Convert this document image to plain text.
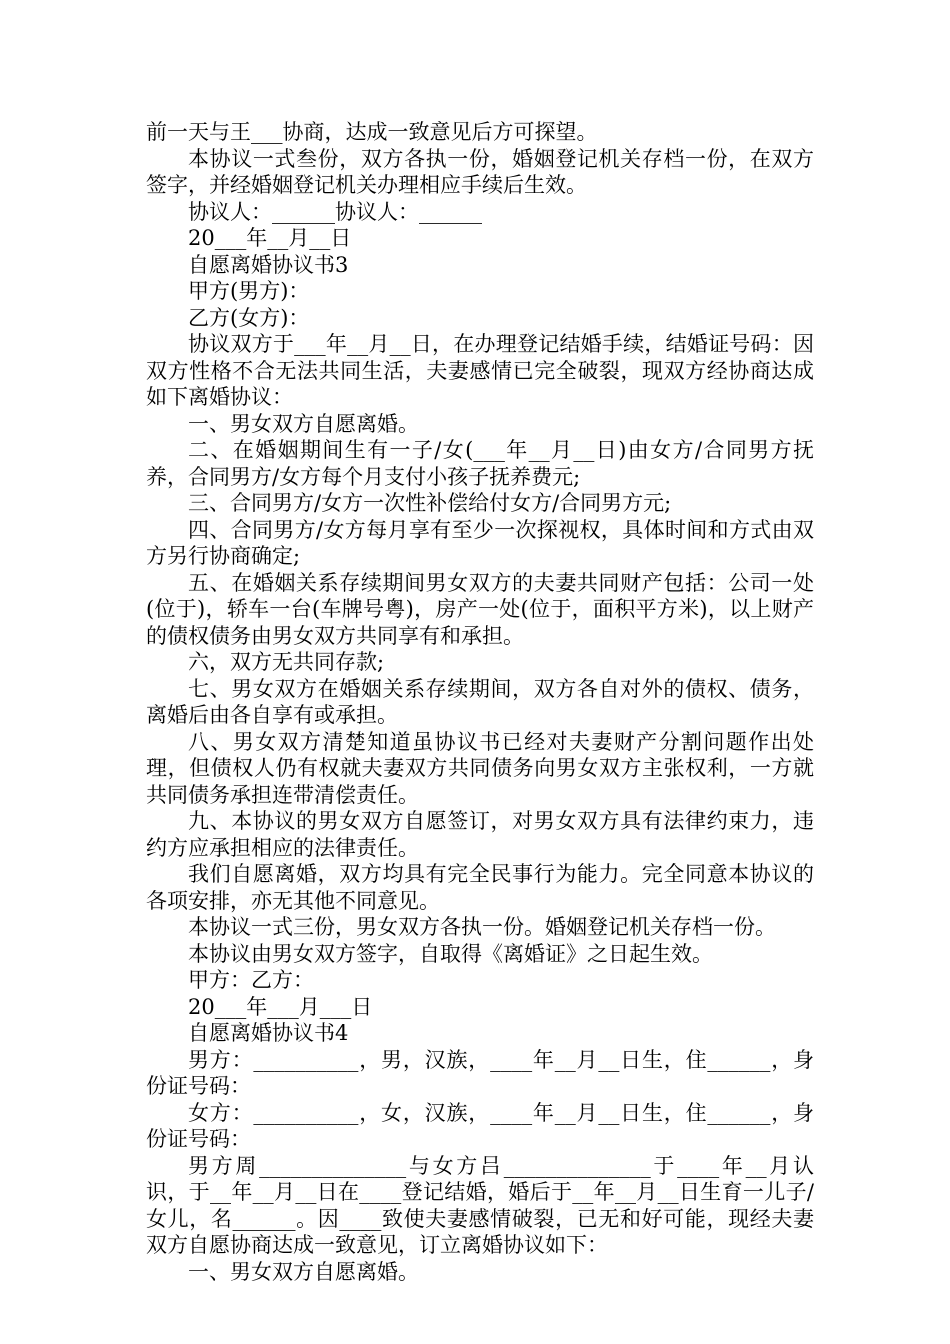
前一天与王___协商，达成一致意见后方可探望。

本协议一式叁份，双方各执一份，婚姻登记机关存档一份，在双方签字，并经婚姻登记机关办理相应手续后生效。

协议人：______协议人：______

20___年__月__日

自愿离婚协议书3

甲方(男方)：

乙方(女方)：

协议双方于___年__月__日，在办理登记结婚手续，结婚证号码：因双方性格不合无法共同生活，夫妻感情已完全破裂，现双方经协商达成如下离婚协议：

一、男女双方自愿离婚。

二、在婚姻期间生有一子/女(___年__月__日)由女方/合同男方抚养，合同男方/女方每个月支付小孩子抚养费元;

三、合同男方/女方一次性补偿给付女方/合同男方元;

四、合同男方/女方每月享有至少一次探视权，具体时间和方式由双方另行协商确定;

五、在婚姻关系存续期间男女双方的夫妻共同财产包括：公司一处(位于)，轿车一台(车牌号粤)，房产一处(位于，面积平方米)，以上财产的债权债务由男女双方共同享有和承担。

六，双方无共同存款;

七、男女双方在婚姻关系存续期间，双方各自对外的债权、债务，离婚后由各自享有或承担。

八、男女双方清楚知道虽协议书已经对夫妻财产分割问题作出处理，但债权人仍有权就夫妻双方共同债务向男女双方主张权利，一方就共同债务承担连带清偿责任。

九、本协议的男女双方自愿签订，对男女双方具有法律约束力，违约方应承担相应的法律责任。

我们自愿离婚，双方均具有完全民事行为能力。完全同意本协议的各项安排，亦无其他不同意见。

本协议一式三份，男女双方各执一份。婚姻登记机关存档一份。

本协议由男女双方签字，自取得《离婚证》之日起生效。

甲方：乙方：

20___年___月___日

自愿离婚协议书4

男方：__________，男，汉族，____年__月__日生，住______，身份证号码：

女方：__________，女，汉族，____年__月__日生，住______，身份证号码：

男方周______________与女方吕______________于____年__月认识，于__年__月__日在____登记结婚，婚后于__年__月__日生育一儿子/女儿，名______。因____致使夫妻感情破裂，已无和好可能，现经夫妻双方自愿协商达成一致意见，订立离婚协议如下：

一、男女双方自愿离婚。
